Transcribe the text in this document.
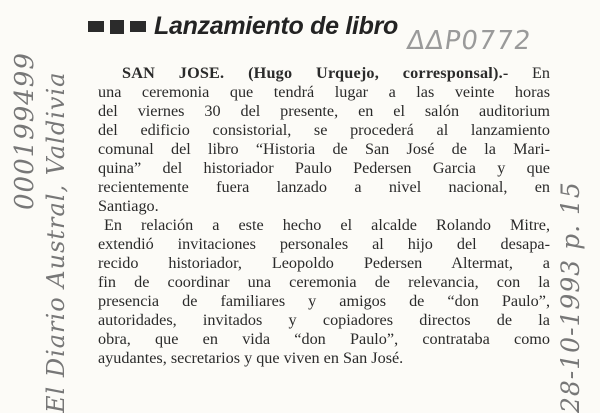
000199499 El Diario Austral, Valdivia	28-10-1993 p. 15
ΔΔP0772
Lanzamiento de libro
SAN JOSE. (Hugo Urquejo, corresponsal).- En
una ceremonia que tendrá lugar a las veinte horas
del viernes 30 del presente, en el salón auditorium
del edificio consistorial, se procederá al lanzamiento
comunal del libro “Historia de San José de la Mari-
quina” del historiador Paulo Pedersen Garcia y que
recientemente fuera lanzado a nivel nacional, en
Santiago.
En relación a este hecho el alcalde Rolando Mitre,
extendió invitaciones personales al hijo del desapa-
recido historiador, Leopoldo Pedersen Altermat, a
fin de coordinar una ceremonia de relevancia, con la
presencia de familiares y amigos de “don Paulo”,
autoridades, invitados y copiadores directos de la
obra, que en vida “don Paulo”, contrataba como
ayudantes, secretarios y que viven en San José.
